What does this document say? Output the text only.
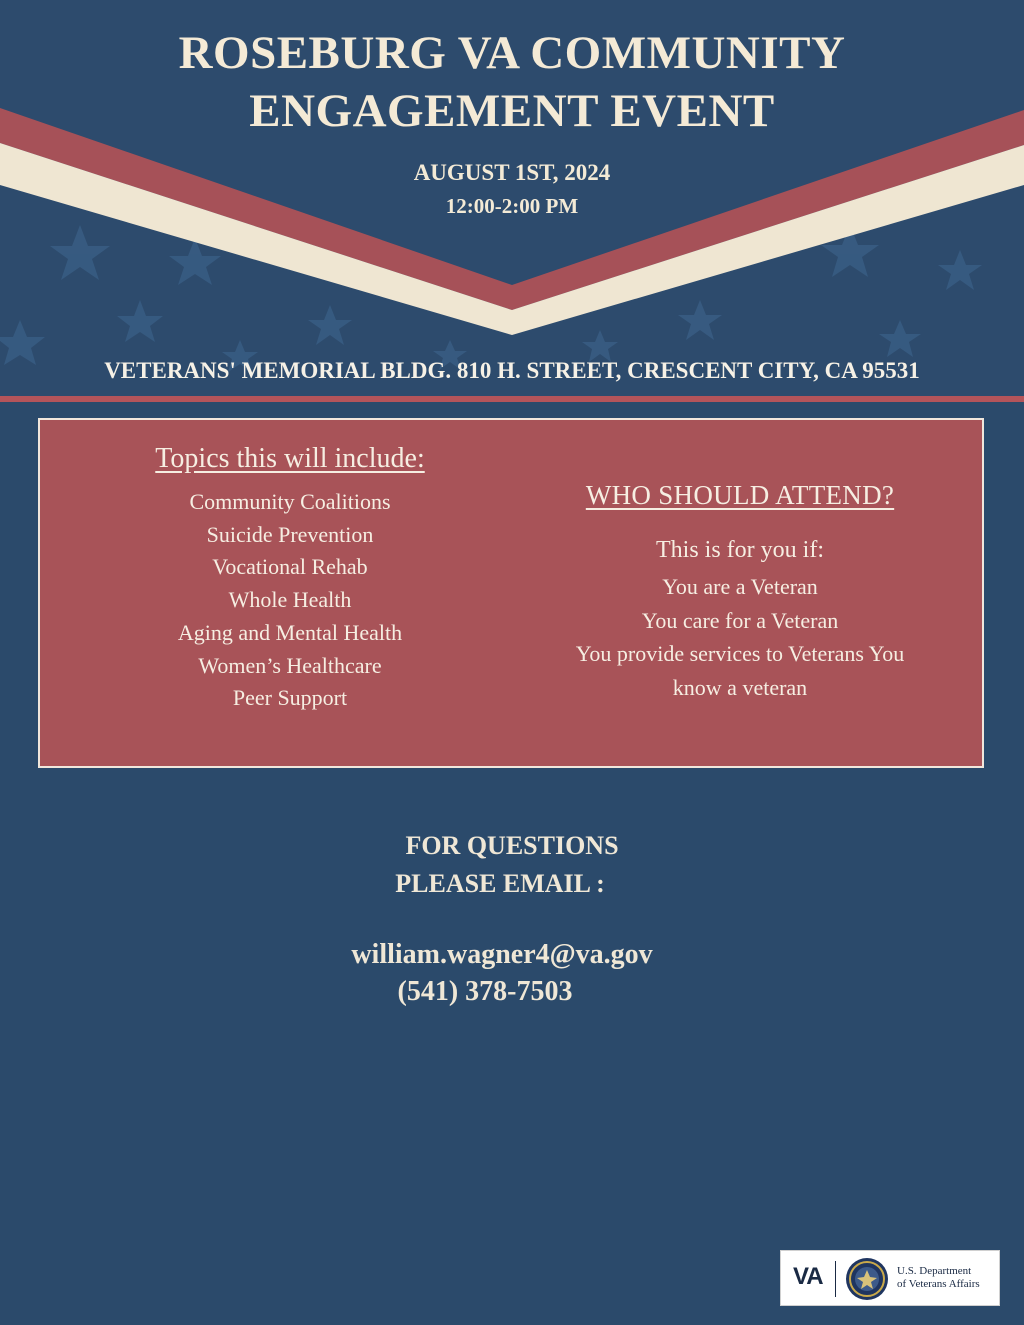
ROSEBURG VA COMMUNITY
ENGAGEMENT EVENT
AUGUST 1ST, 2024
12:00-2:00 PM
VETERANS' MEMORIAL BLDG. 810 H. STREET, CRESCENT CITY, CA 95531
Topics this will include:
Community Coalitions
Suicide Prevention
Vocational Rehab
Whole Health
Aging and Mental Health
Women’s Healthcare
Peer Support
WHO SHOULD ATTEND?
This is for you if:
You are a Veteran
You care for a Veteran
You provide services to Veterans You
know a veteran
FOR QUESTIONS
PLEASE EMAIL :
william.wagner4@va.gov
(541) 378-7503
VA	U.S. Department
of Veterans Affairs
